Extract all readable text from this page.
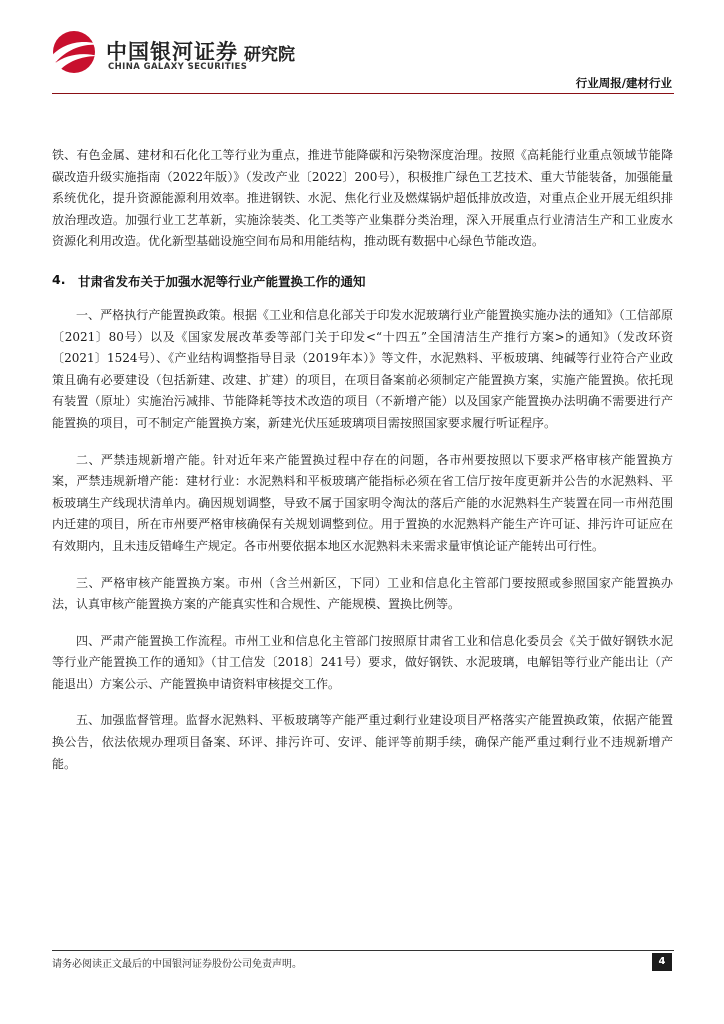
中国银河证券
CHINA GALAXY SECURITIES
研究院
行业周报/建材行业

铁、有色金属、建材和石化化工等行业为重点，推进节能降碳和污染物深度治理。按照《高耗能行业重点领域节能降碳改造升级实施指南（2022年版）》（发改产业〔2022〕200号），积极推广绿色工艺技术、重大节能装备，加强能量系统优化，提升资源能源利用效率。推进钢铁、水泥、焦化行业及燃煤锅炉超低排放改造，对重点企业开展无组织排放治理改造。加强行业工艺革新，实施涂装类、化工类等产业集群分类治理，深入开展重点行业清洁生产和工业废水资源化利用改造。优化新型基础设施空间布局和用能结构，推动既有数据中心绿色节能改造。

4.	甘肃省发布关于加强水泥等行业产能置换工作的通知

一、严格执行产能置换政策。根据《工业和信息化部关于印发水泥玻璃行业产能置换实施办法的通知》（工信部原〔2021〕80号）以及《国家发展改革委等部门关于印发<“十四五”全国清洁生产推行方案>的通知》（发改环资〔2021〕1524号）、《产业结构调整指导目录（2019年本）》等文件，水泥熟料、平板玻璃、纯碱等行业符合产业政策且确有必要建设（包括新建、改建、扩建）的项目，在项目备案前必须制定产能置换方案，实施产能置换。依托现有装置（原址）实施治污减排、节能降耗等技术改造的项目（不新增产能）以及国家产能置换办法明确不需要进行产能置换的项目，可不制定产能置换方案，新建光伏压延玻璃项目需按照国家要求履行听证程序。

二、严禁违规新增产能。针对近年来产能置换过程中存在的问题，各市州要按照以下要求严格审核产能置换方案，严禁违规新增产能：建材行业：水泥熟料和平板玻璃产能指标必须在省工信厅按年度更新并公告的水泥熟料、平板玻璃生产线现状清单内。确因规划调整，导致不属于国家明令淘汰的落后产能的水泥熟料生产装置在同一市州范围内迁建的项目，所在市州要严格审核确保有关规划调整到位。用于置换的水泥熟料产能生产许可证、排污许可证应在有效期内，且未违反错峰生产规定。各市州要依据本地区水泥熟料未来需求量审慎论证产能转出可行性。

三、严格审核产能置换方案。市州（含兰州新区，下同）工业和信息化主管部门要按照或参照国家产能置换办法，认真审核产能置换方案的产能真实性和合规性、产能规模、置换比例等。

四、严肃产能置换工作流程。市州工业和信息化主管部门按照原甘肃省工业和信息化委员会《关于做好钢铁水泥等行业产能置换工作的通知》（甘工信发〔2018〕241号）要求，做好钢铁、水泥玻璃，电解铝等行业产能出让（产能退出）方案公示、产能置换申请资料审核提交工作。

五、加强监督管理。监督水泥熟料、平板玻璃等产能严重过剩行业建设项目严格落实产能置换政策，依据产能置换公告，依法依规办理项目备案、环评、排污许可、安评、能评等前期手续，确保产能严重过剩行业不违规新增产能。

请务必阅读正文最后的中国银河证券股份公司免责声明。	4
